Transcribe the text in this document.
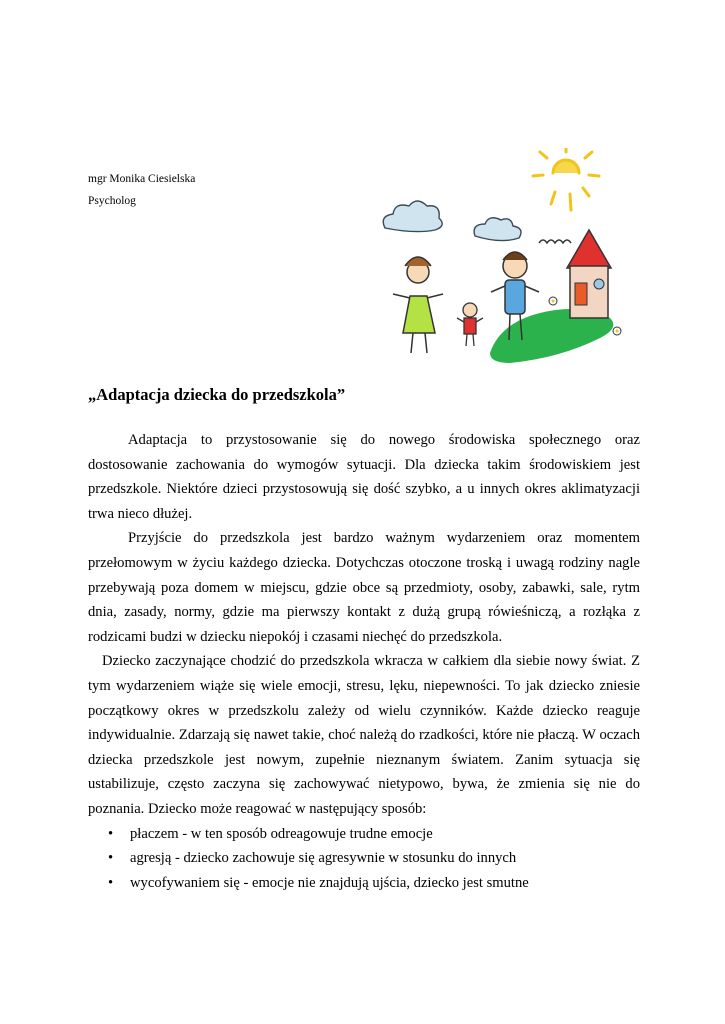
mgr Monika Ciesielska
Psycholog
„Adaptacja dziecka do przedszkola”

Adaptacja to przystosowanie się do nowego środowiska społecznego oraz dostosowanie zachowania do wymogów sytuacji. Dla dziecka takim środowiskiem jest przedszkole. Niektóre dzieci przystosowują się dość szybko, a u innych okres aklimatyzacji trwa nieco dłużej.

Przyjście do przedszkola jest bardzo ważnym wydarzeniem oraz momentem przełomowym w życiu każdego dziecka. Dotychczas otoczone troską i uwagą rodziny nagle przebywają poza domem w miejscu, gdzie obce są przedmioty, osoby, zabawki, sale, rytm dnia, zasady, normy, gdzie ma pierwszy kontakt z dużą grupą rówieśniczą, a rozłąka z rodzicami budzi w dziecku niepokój i czasami niechęć do przedszkola.

Dziecko zaczynające chodzić do przedszkola wkracza w całkiem dla siebie nowy świat. Z tym wydarzeniem wiąże się wiele emocji, stresu, lęku, niepewności. To jak dziecko zniesie początkowy okres w przedszkolu zależy od wielu czynników. Każde dziecko reaguje indywidualnie. Zdarzają się nawet takie, choć należą do rzadkości, które nie płaczą. W oczach dziecka przedszkole jest nowym, zupełnie nieznanym światem. Zanim sytuacja się ustabilizuje, często zaczyna się zachowywać nietypowo, bywa, że zmienia się nie do poznania. Dziecko może reagować w następujący sposób:

• płaczem - w ten sposób odreagowuje trudne emocje
• agresją - dziecko zachowuje się agresywnie w stosunku do innych
• wycofywaniem się - emocje nie znajdują ujścia, dziecko jest smutne
